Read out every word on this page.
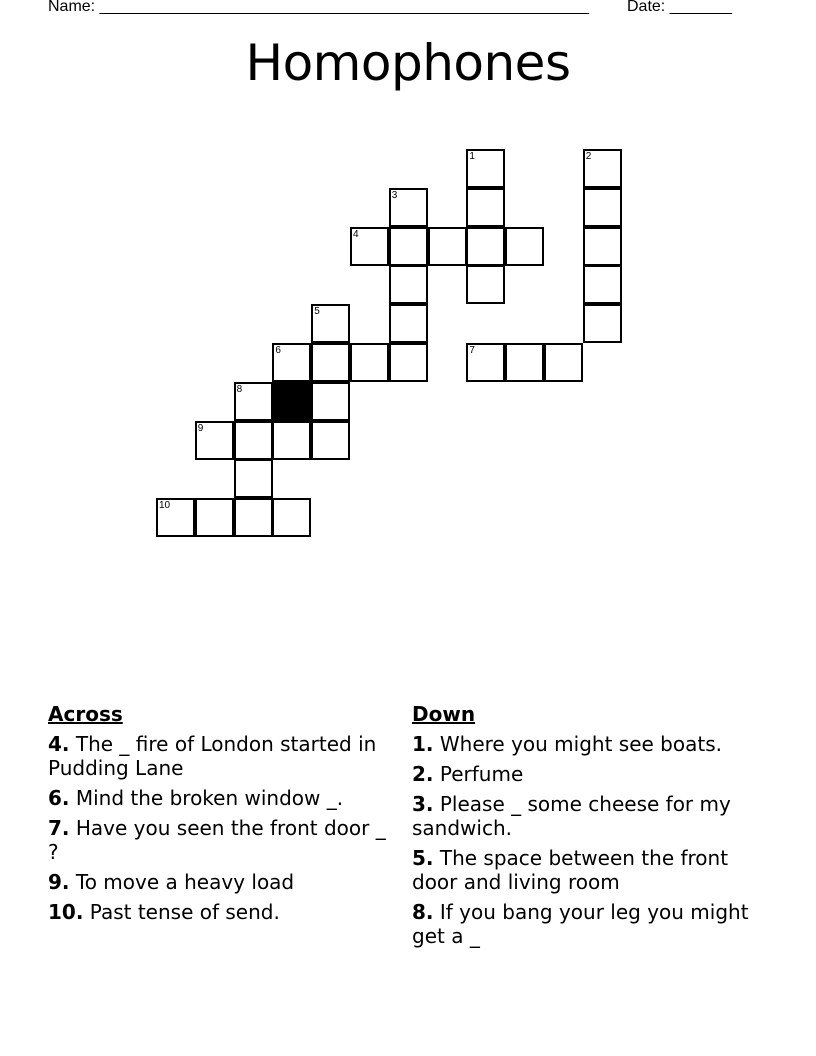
Name: _______________________________________________________ Date: _______
Homophones
1	2
3
4
5
6	7
8
9
10
Across
4. The _ fire of London started in Pudding Lane
6. Mind the broken window _.
7. Have you seen the front door _ ?
9. To move a heavy load
10. Past tense of send.
Down
1. Where you might see boats.
2. Perfume
3. Please _ some cheese for my sandwich.
5. The space between the front door and living room
8. If you bang your leg you might get a _
